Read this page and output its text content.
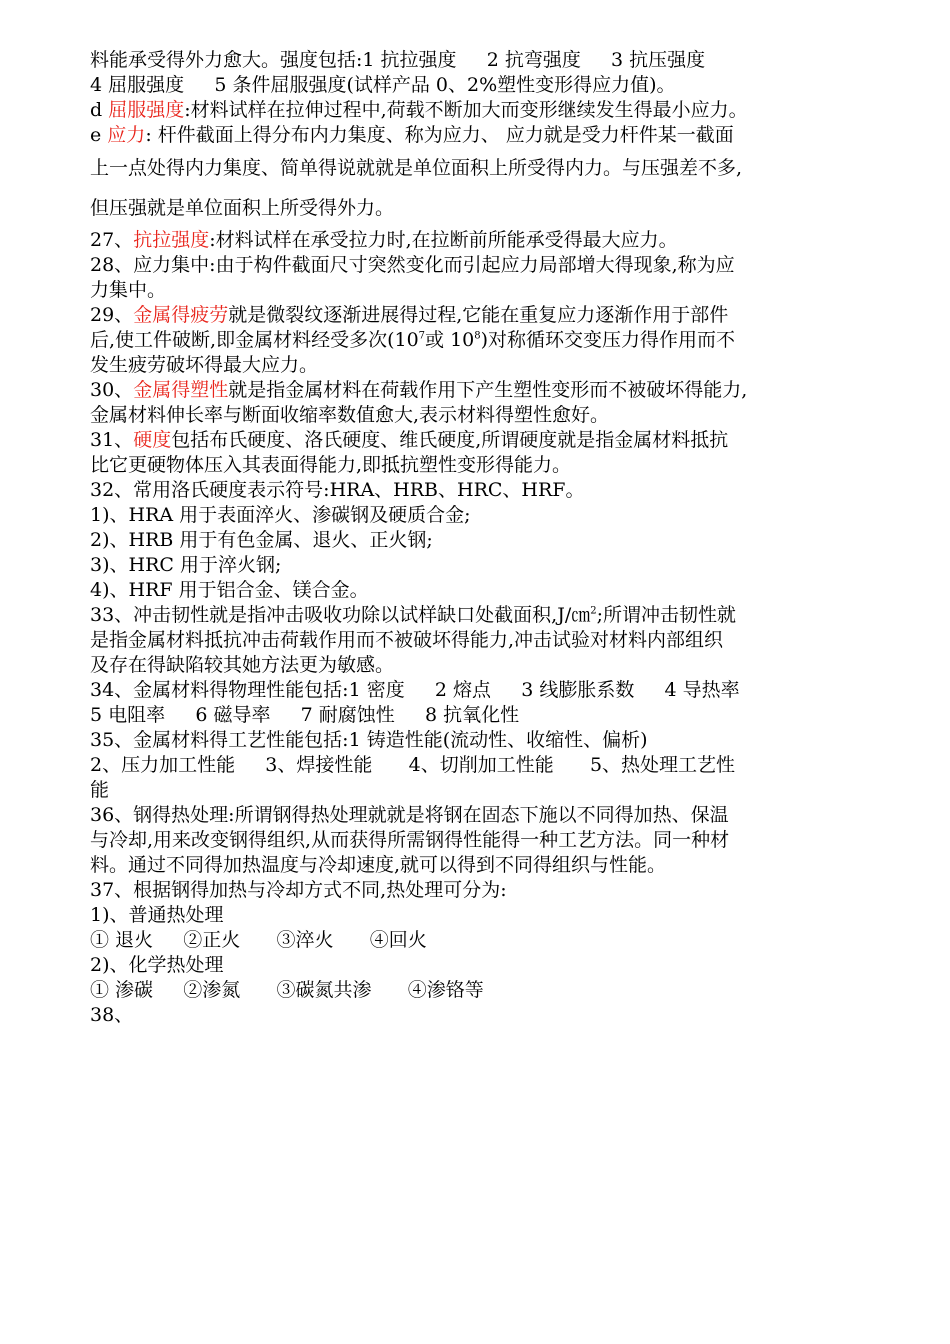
料能承受得外力愈大。强度包括:1 抗拉强度     2 抗弯强度     3 抗压强度
4 屈服强度     5 条件屈服强度(试样产品 0、2%塑性变形得应力值)。
d 屈服强度:材料试样在拉伸过程中,荷载不断加大而变形继续发生得最小应力。
e 应力: 杆件截面上得分布内力集度、称为应力、 应力就是受力杆件某一截面
上一点处得内力集度、简单得说就就是单位面积上所受得内力。与压强差不多,
但压强就是单位面积上所受得外力。
27、抗拉强度:材料试样在承受拉力时,在拉断前所能承受得最大应力。
28、应力集中:由于构件截面尺寸突然变化而引起应力局部增大得现象,称为应
力集中。
29、金属得疲劳就是微裂纹逐渐进展得过程,它能在重复应力逐渐作用于部件
后,使工件破断,即金属材料经受多次($10^7$或 $10^8$)对称循环交变压力得作用而不
发生疲劳破坏得最大应力。
30、金属得塑性就是指金属材料在荷载作用下产生塑性变形而不被破坏得能力,
金属材料伸长率与断面收缩率数值愈大,表示材料得塑性愈好。
31、硬度包括布氏硬度、洛氏硬度、维氏硬度,所谓硬度就是指金属材料抵抗
比它更硬物体压入其表面得能力,即抵抗塑性变形得能力。
32、常用洛氏硬度表示符号:HRA、HRB、HRC、HRF。
1)、HRA 用于表面淬火、渗碳钢及硬质合金;
2)、HRB 用于有色金属、退火、正火钢;
3)、HRC 用于淬火钢;
4)、HRF 用于铝合金、镁合金。
33、冲击韧性就是指冲击吸收功除以试样缺口处截面积,J/㎝$^2$;所谓冲击韧性就
是指金属材料抵抗冲击荷载作用而不被破坏得能力,冲击试验对材料内部组织
及存在得缺陷较其她方法更为敏感。
34、金属材料得物理性能包括:1 密度     2 熔点     3 线膨胀系数     4 导热率
5 电阻率     6 磁导率     7 耐腐蚀性     8 抗氧化性
35、金属材料得工艺性能包括:1 铸造性能(流动性、收缩性、偏析)
2、压力加工性能     3、焊接性能      4、切削加工性能      5、热处理工艺性
能
36、钢得热处理:所谓钢得热处理就就是将钢在固态下施以不同得加热、保温
与冷却,用来改变钢得组织,从而获得所需钢得性能得一种工艺方法。同一种材
料。通过不同得加热温度与冷却速度,就可以得到不同得组织与性能。
37、根据钢得加热与冷却方式不同,热处理可分为:
1)、普通热处理
① 退火     ②正火      ③淬火      ④回火
2)、化学热处理
① 渗碳     ②渗氮      ③碳氮共渗      ④渗铬等
38、
